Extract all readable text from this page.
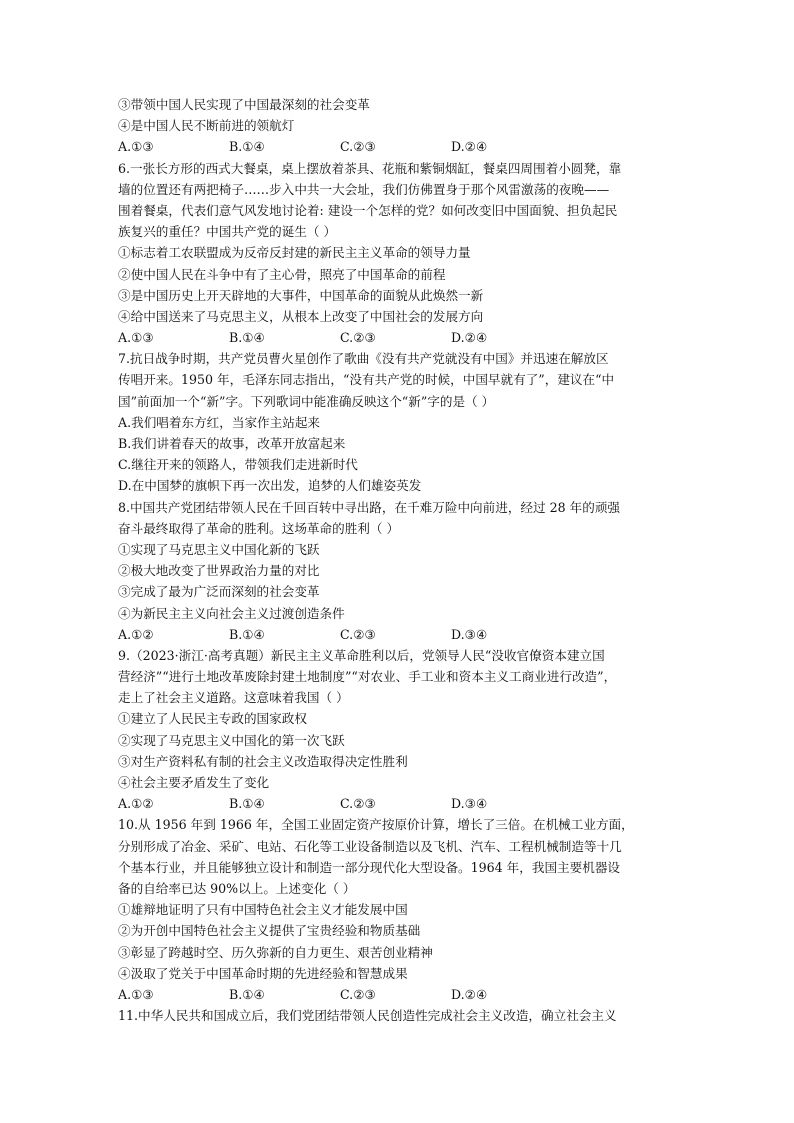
③带领中国人民实现了中国最深刻的社会变革
④是中国人民不断前进的领航灯
A.①③	B.①④	C.②③	D.②④
6.一张长方形的西式大餐桌，桌上摆放着茶具、花瓶和紫铜烟缸，餐桌四周围着小圆凳，靠
墙的位置还有两把椅子……步入中共一大会址，我们仿佛置身于那个风雷激荡的夜晚——
围着餐桌，代表们意气风发地讨论着: 建设一个怎样的党？如何改变旧中国面貌、担负起民
族复兴的重任？中国共产党的诞生（ ）
①标志着工农联盟成为反帝反封建的新民主主义革命的领导力量
②使中国人民在斗争中有了主心骨，照亮了中国革命的前程
③是中国历史上开天辟地的大事件，中国革命的面貌从此焕然一新
④给中国送来了马克思主义，从根本上改变了中国社会的发展方向
A.①③	B.①④	C.②③	D.②④
7.抗日战争时期，共产党员曹火星创作了歌曲《没有共产党就没有中国》并迅速在解放区
传唱开来。1950 年，毛泽东同志指出，“没有共产党的时候，中国早就有了”，建议在“中
国”前面加一个“新”字。下列歌词中能准确反映这个“新”字的是（ ）
A.我们唱着东方红，当家作主站起来
B.我们讲着春天的故事，改革开放富起来
C.继往开来的领路人，带领我们走进新时代
D.在中国梦的旗帜下再一次出发，追梦的人们雄姿英发
8.中国共产党团结带领人民在千回百转中寻出路，在千难万险中向前进，经过 28 年的顽强
奋斗最终取得了革命的胜利。这场革命的胜利（ ）
①实现了马克思主义中国化新的飞跃
②极大地改变了世界政治力量的对比
③完成了最为广泛而深刻的社会变革
④为新民主主义向社会主义过渡创造条件
A.①②	B.①④	C.②③	D.③④
9.（2023·浙江·高考真题）新民主主义革命胜利以后，党领导人民“没收官僚资本建立国
营经济”“进行土地改革废除封建土地制度”“对农业、手工业和资本主义工商业进行改造”，
走上了社会主义道路。这意味着我国（ ）
①建立了人民民主专政的国家政权
②实现了马克思主义中国化的第一次飞跃
③对生产资料私有制的社会主义改造取得决定性胜利
④社会主要矛盾发生了变化
A.①②	B.①④	C.②③	D.③④
10.从 1956 年到 1966 年，全国工业固定资产按原价计算，增长了三倍。在机械工业方面，
分别形成了冶金、采矿、电站、石化等工业设备制造以及飞机、汽车、工程机械制造等十几
个基本行业，并且能够独立设计和制造一部分现代化大型设备。1964 年，我国主要机器设
备的自给率已达 90%以上。上述变化（ ）
①雄辩地证明了只有中国特色社会主义才能发展中国
②为开创中国特色社会主义提供了宝贵经验和物质基础
③彰显了跨越时空、历久弥新的自力更生、艰苦创业精神
④汲取了党关于中国革命时期的先进经验和智慧成果
A.①③	B.①④	C.②③	D.②④
11.中华人民共和国成立后，我们党团结带领人民创造性完成社会主义改造，确立社会主义
